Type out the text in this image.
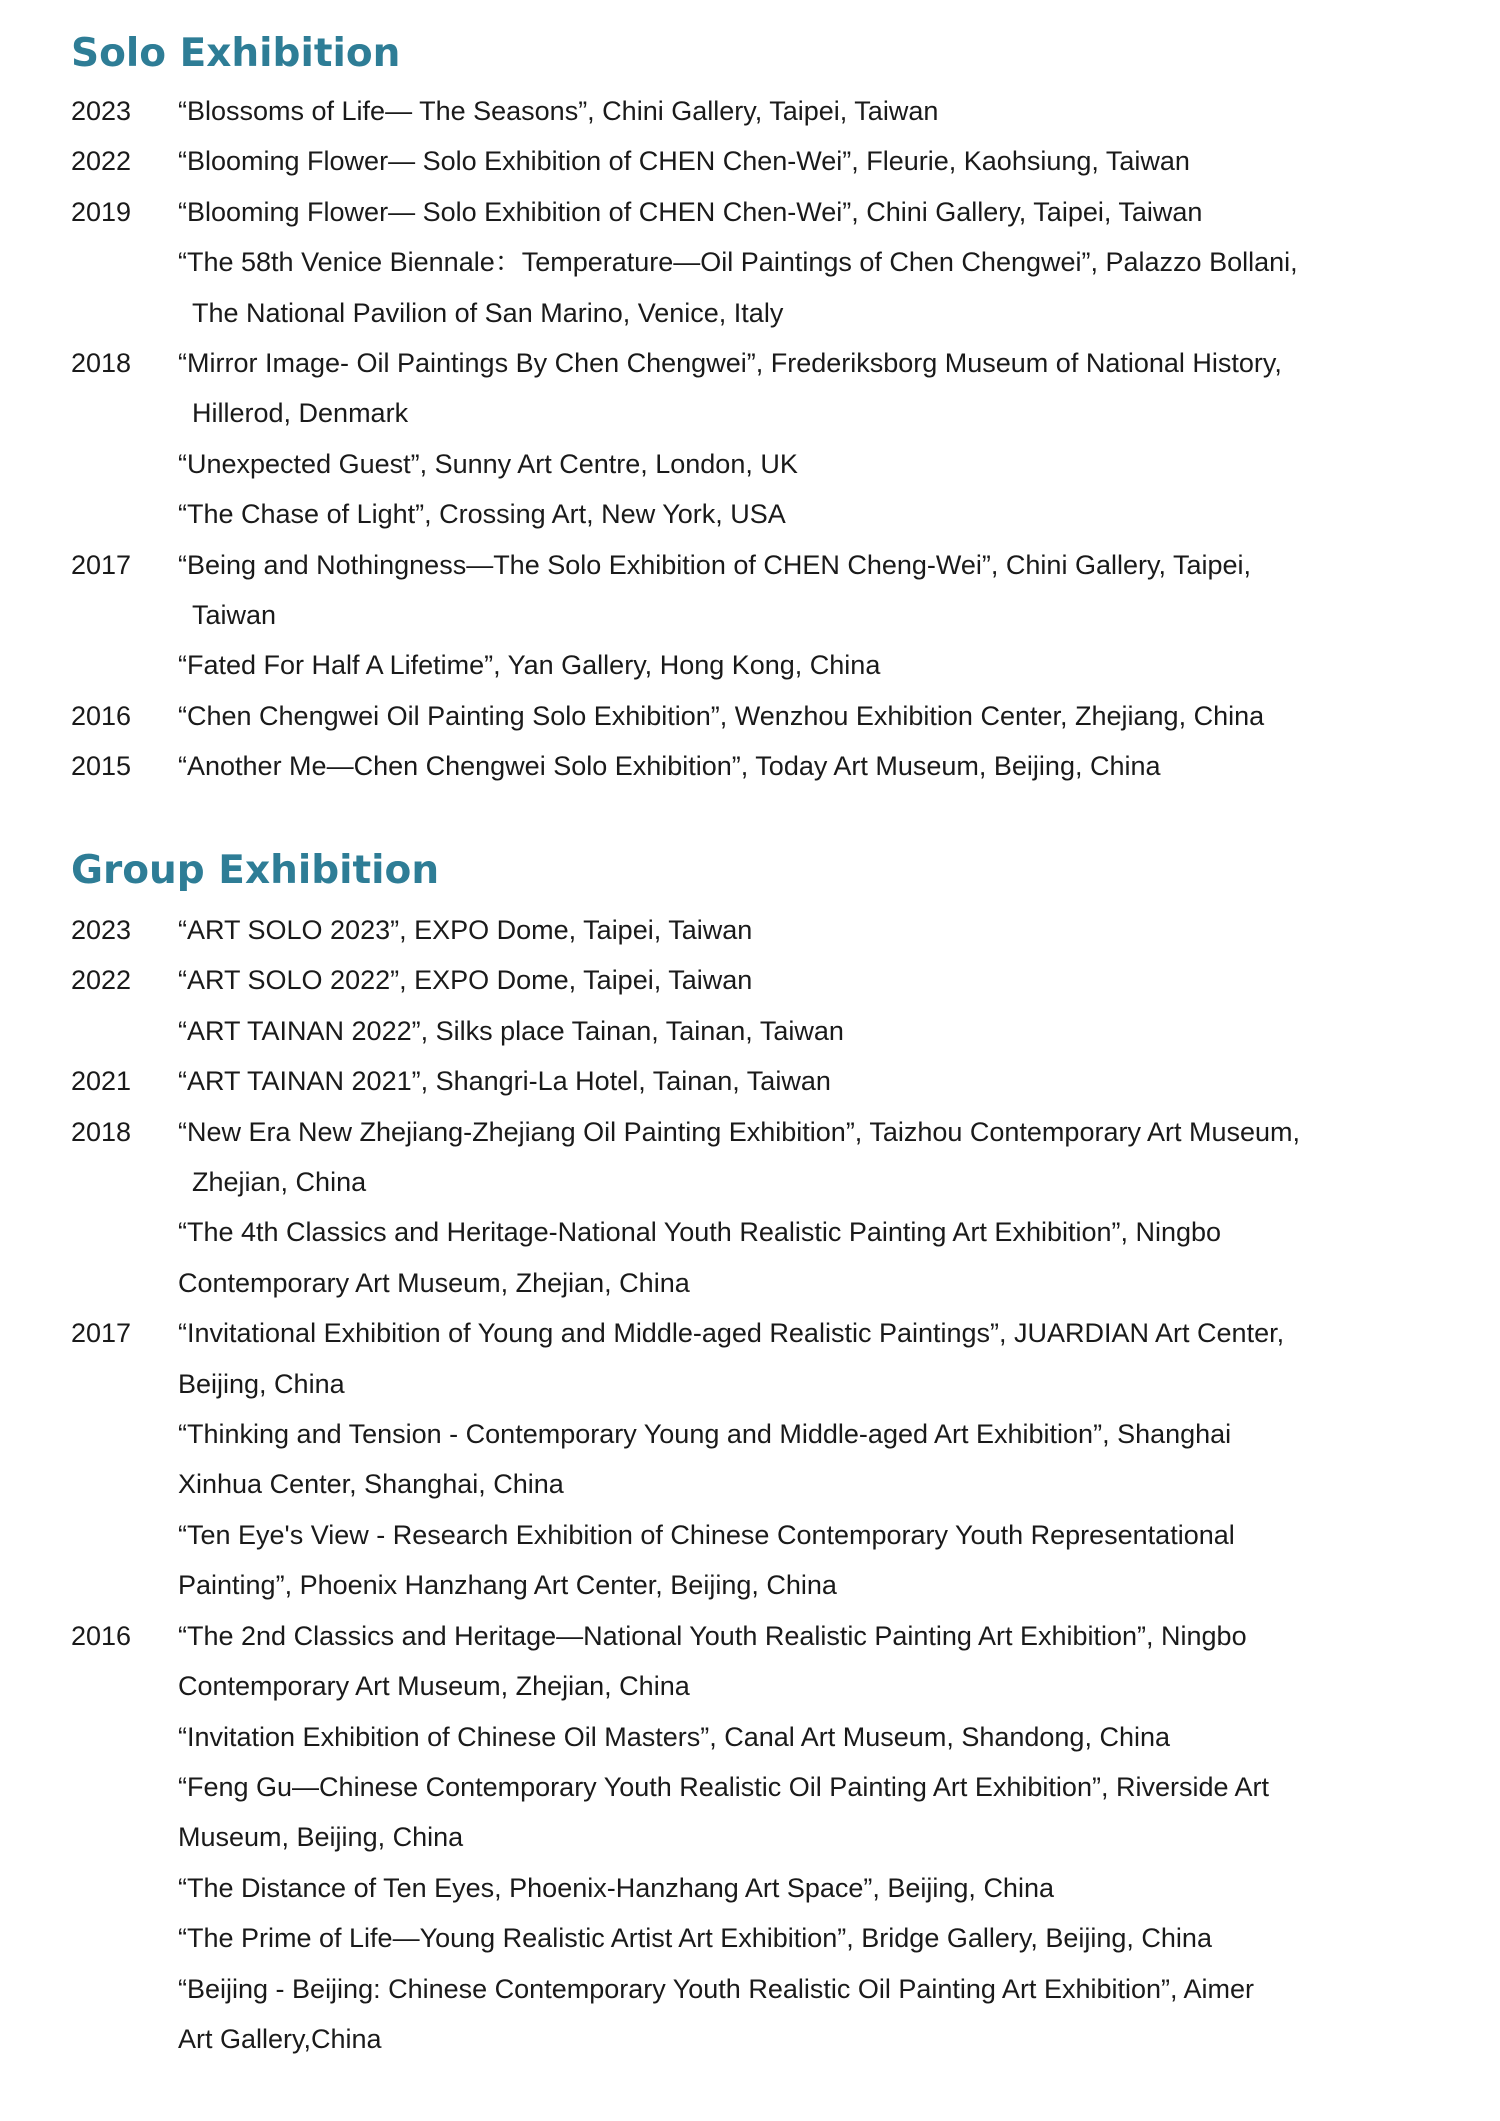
Solo Exhibition
2023	“Blossoms of Life— The Seasons”, Chini Gallery, Taipei, Taiwan
2022	“Blooming Flower— Solo Exhibition of CHEN Chen-Wei”, Fleurie, Kaohsiung, Taiwan
2019	“Blooming Flower— Solo Exhibition of CHEN Chen-Wei”, Chini Gallery, Taipei, Taiwan
“The 58th Venice Biennale：Temperature—Oil Paintings of Chen Chengwei”, Palazzo Bollani,
The National Pavilion of San Marino, Venice, Italy
2018	“Mirror Image- Oil Paintings By Chen Chengwei”, Frederiksborg Museum of National History,
Hillerod, Denmark
“Unexpected Guest”, Sunny Art Centre, London, UK
“The Chase of Light”, Crossing Art, New York, USA
2017	“Being and Nothingness—The Solo Exhibition of CHEN Cheng-Wei”, Chini Gallery, Taipei,
Taiwan
“Fated For Half A Lifetime”, Yan Gallery, Hong Kong, China
2016	“Chen Chengwei Oil Painting Solo Exhibition”, Wenzhou Exhibition Center, Zhejiang, China
2015	“Another Me—Chen Chengwei Solo Exhibition”, Today Art Museum, Beijing, China
Group Exhibition
2023	“ART SOLO 2023”, EXPO Dome, Taipei, Taiwan
2022	“ART SOLO 2022”, EXPO Dome, Taipei, Taiwan
“ART TAINAN 2022”, Silks place Tainan, Tainan, Taiwan
2021	“ART TAINAN 2021”, Shangri-La Hotel, Tainan, Taiwan
2018	“New Era New Zhejiang-Zhejiang Oil Painting Exhibition”, Taizhou Contemporary Art Museum,
Zhejian, China
“The 4th Classics and Heritage-National Youth Realistic Painting Art Exhibition”, Ningbo
Contemporary Art Museum, Zhejian, China
2017	“Invitational Exhibition of Young and Middle-aged Realistic Paintings”, JUARDIAN Art Center,
Beijing, China
“Thinking and Tension - Contemporary Young and Middle-aged Art Exhibition”, Shanghai
Xinhua Center, Shanghai, China
“Ten Eye's View - Research Exhibition of Chinese Contemporary Youth Representational
Painting”, Phoenix Hanzhang Art Center, Beijing, China
2016	“The 2nd Classics and Heritage—National Youth Realistic Painting Art Exhibition”, Ningbo
Contemporary Art Museum, Zhejian, China
“Invitation Exhibition of Chinese Oil Masters”, Canal Art Museum, Shandong, China
“Feng Gu—Chinese Contemporary Youth Realistic Oil Painting Art Exhibition”, Riverside Art
Museum, Beijing, China
“The Distance of Ten Eyes, Phoenix-Hanzhang Art Space”, Beijing, China
“The Prime of Life—Young Realistic Artist Art Exhibition”, Bridge Gallery, Beijing, China
“Beijing - Beijing: Chinese Contemporary Youth Realistic Oil Painting Art Exhibition”, Aimer
Art Gallery,China
